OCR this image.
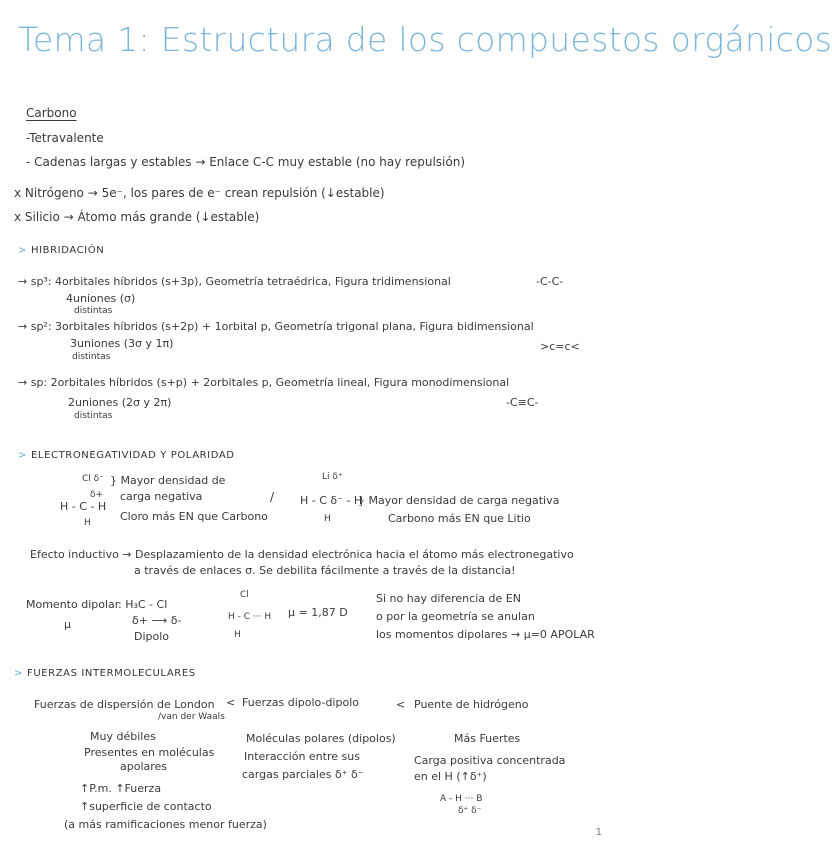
Tema 1: Estructura de los compuestos orgánicos
Carbono
-Tetravalente
- Cadenas largas y estables → Enlace C-C muy estable (no hay repulsión)
x Nitrógeno → 5e⁻, los pares de e⁻ crean repulsión (↓estable)
x Silicio → Átomo más grande (↓estable)
> HIBRIDACIÓN
→ sp³: 4orbitales híbridos (s+3p), Geometría tetraédrica, Figura tridimensional
4uniones (σ)
distintas
-C-C-
→ sp²: 3orbitales híbridos (s+2p) + 1orbital p, Geometría trigonal plana, Figura bidimensional
3uniones (3σ y 1π)
distintas
>c=c<
→ sp: 2orbitales híbridos (s+p) + 2orbitales p, Geometría lineal, Figura monodimensional
2uniones (2σ y 2π)
distintas
-C≡C-
> ELECTRONEGATIVIDAD Y POLARIDAD
Cl δ⁻
δ+
H - C - H
H
} Mayor densidad de
carga negativa
Cloro más EN que Carbono
/
Li δ⁺
H - C δ⁻ - H
H
} Mayor densidad de carga negativa
Carbono más EN que Litio
Efecto inductivo → Desplazamiento de la densidad electrónica hacia el átomo más electronegativo
a través de enlaces σ. Se debilita fácilmente a través de la distancia!
Momento dipolar
μ
: H₃C - Cl
δ+ ⟶ δ-
Dipolo
Cl
H - C ··· H
H
μ = 1,87 D
Si no hay diferencia de EN
o por la geometría se anulan
los momentos dipolares → μ=0 APOLAR
> FUERZAS INTERMOLECULARES
Fuerzas de dispersión de London
/van der Waals
< Fuerzas dipolo-dipolo	< Puente de hidrógeno
Muy débiles
Presentes en moléculas
apolares
↑P.m. ↑Fuerza
↑superficie de contacto
(a más ramificaciones menor fuerza)
Moléculas polares (dipolos)
Interacción entre sus
cargas parciales δ⁺ δ⁻
Más Fuertes
Carga positiva concentrada
en el H (↑δ⁺)
A - H ··· B
δ⁺ δ⁻
1
